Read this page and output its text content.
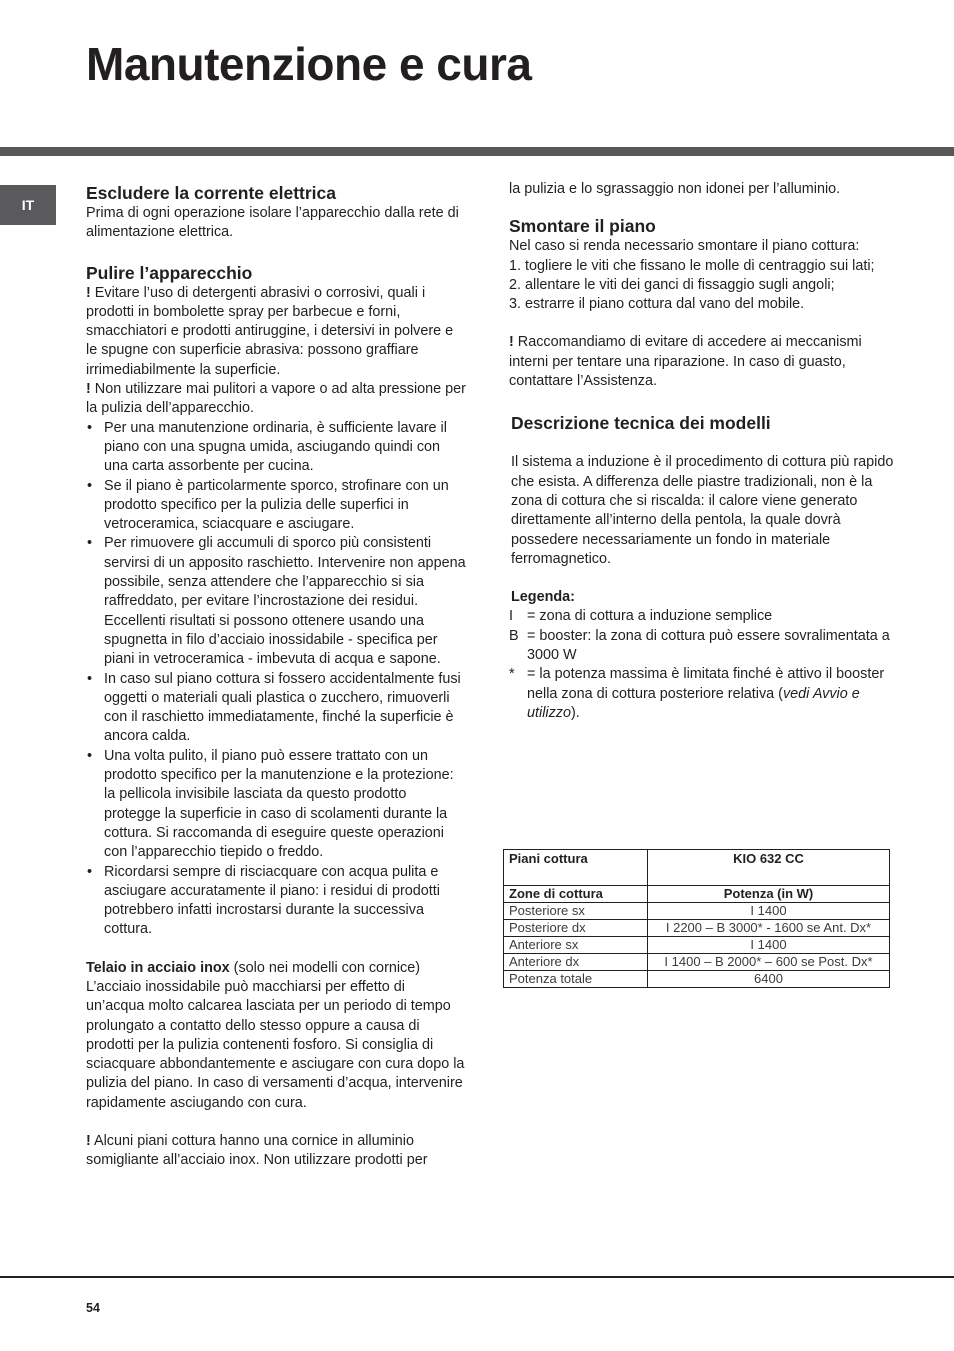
Manutenzione e cura
IT
Escludere la corrente elettrica

Prima di ogni operazione isolare l’apparecchio dalla rete di alimentazione elettrica.

Pulire l’apparecchio

! Evitare l’uso di detergenti abrasivi o corrosivi, quali i prodotti in bombolette spray per barbecue e forni, smacchiatori e prodotti antiruggine, i detersivi in polvere e le spugne con superficie abrasiva: possono graffiare irrimediabilmente la superficie.

! Non utilizzare mai pulitori a vapore o ad alta pressione per la pulizia dell’apparecchio.

• Per una manutenzione ordinaria, è sufficiente lavare il piano con una spugna umida, asciugando quindi con una carta assorbente per cucina.
• Se il piano è particolarmente sporco, strofinare con un prodotto specifico per la pulizia delle superfici in vetroceramica, sciacquare e asciugare.
• Per rimuovere gli accumuli di sporco più consistenti servirsi di un apposito raschietto. Intervenire non appena possibile, senza attendere che l’apparecchio si sia raffreddato, per evitare l’incrostazione dei residui. Eccellenti risultati si possono ottenere usando una spugnetta in filo d’acciaio inossidabile - specifica per piani in vetroceramica - imbevuta di acqua e sapone.
• In caso sul piano cottura si fossero accidentalmente fusi oggetti o materiali quali plastica o zucchero, rimuoverli con il raschietto immediatamente, finché la superficie è ancora calda.
• Una volta pulito, il piano può essere trattato con un prodotto specifico per la manutenzione e la protezione: la pellicola invisibile lasciata da questo prodotto protegge la superficie in caso di scolamenti durante la cottura. Si raccomanda di eseguire queste operazioni con l’apparecchio tiepido o freddo.
• Ricordarsi sempre di risciacquare con acqua pulita e asciugare accuratamente il piano: i residui di prodotti potrebbero infatti incrostarsi durante la successiva cottura.

Telaio in acciaio inox (solo nei modelli con cornice)

L’acciaio inossidabile può macchiarsi per effetto di un’acqua molto calcarea lasciata per un periodo di tempo prolungato a contatto dello stesso oppure a causa di prodotti per la pulizia contenenti fosforo. Si consiglia di sciacquare abbondantemente e asciugare con cura dopo la pulizia del piano. In caso di versamenti d’acqua, intervenire rapidamente asciugando con cura.

! Alcuni piani cottura hanno una cornice in alluminio somigliante all’acciaio inox. Non utilizzare prodotti per

la pulizia e lo sgrassaggio non idonei per l’alluminio.

Smontare il piano

Nel caso si renda necessario smontare il piano cottura:

1. togliere le viti che fissano le molle di centraggio sui lati;

2. allentare le viti dei ganci di fissaggio sugli angoli;

3. estrarre il piano cottura dal vano del mobile.

! Raccomandiamo di evitare di accedere ai meccanismi interni per tentare una riparazione. In caso di guasto, contattare l’Assistenza.

Descrizione tecnica dei modelli

Il sistema a induzione è il procedimento di cottura più rapido che esista. A differenza delle piastre tradizionali, non è la zona di cottura che si riscalda: il calore viene generato direttamente all’interno della pentola, la quale dovrà possedere necessariamente un fondo in materiale ferromagnetico.

Legenda:

I = zona di cottura a induzione semplice
B = booster: la zona di cottura può essere sovralimentata a 3000 W
* = la potenza massima è limitata finché è attivo il booster nella zona di cottura posteriore relativa (vedi Avvio e utilizzo).
Piani cottura	KIO 632 CC
Zone di cottura	Potenza (in W)
Posteriore sx	I 1400
Posteriore dx	I 2200 – B 3000* - 1600 se Ant. Dx*
Anteriore sx	I 1400
Anteriore dx	I 1400 – B 2000* – 600 se Post. Dx*
Potenza totale	6400
54
